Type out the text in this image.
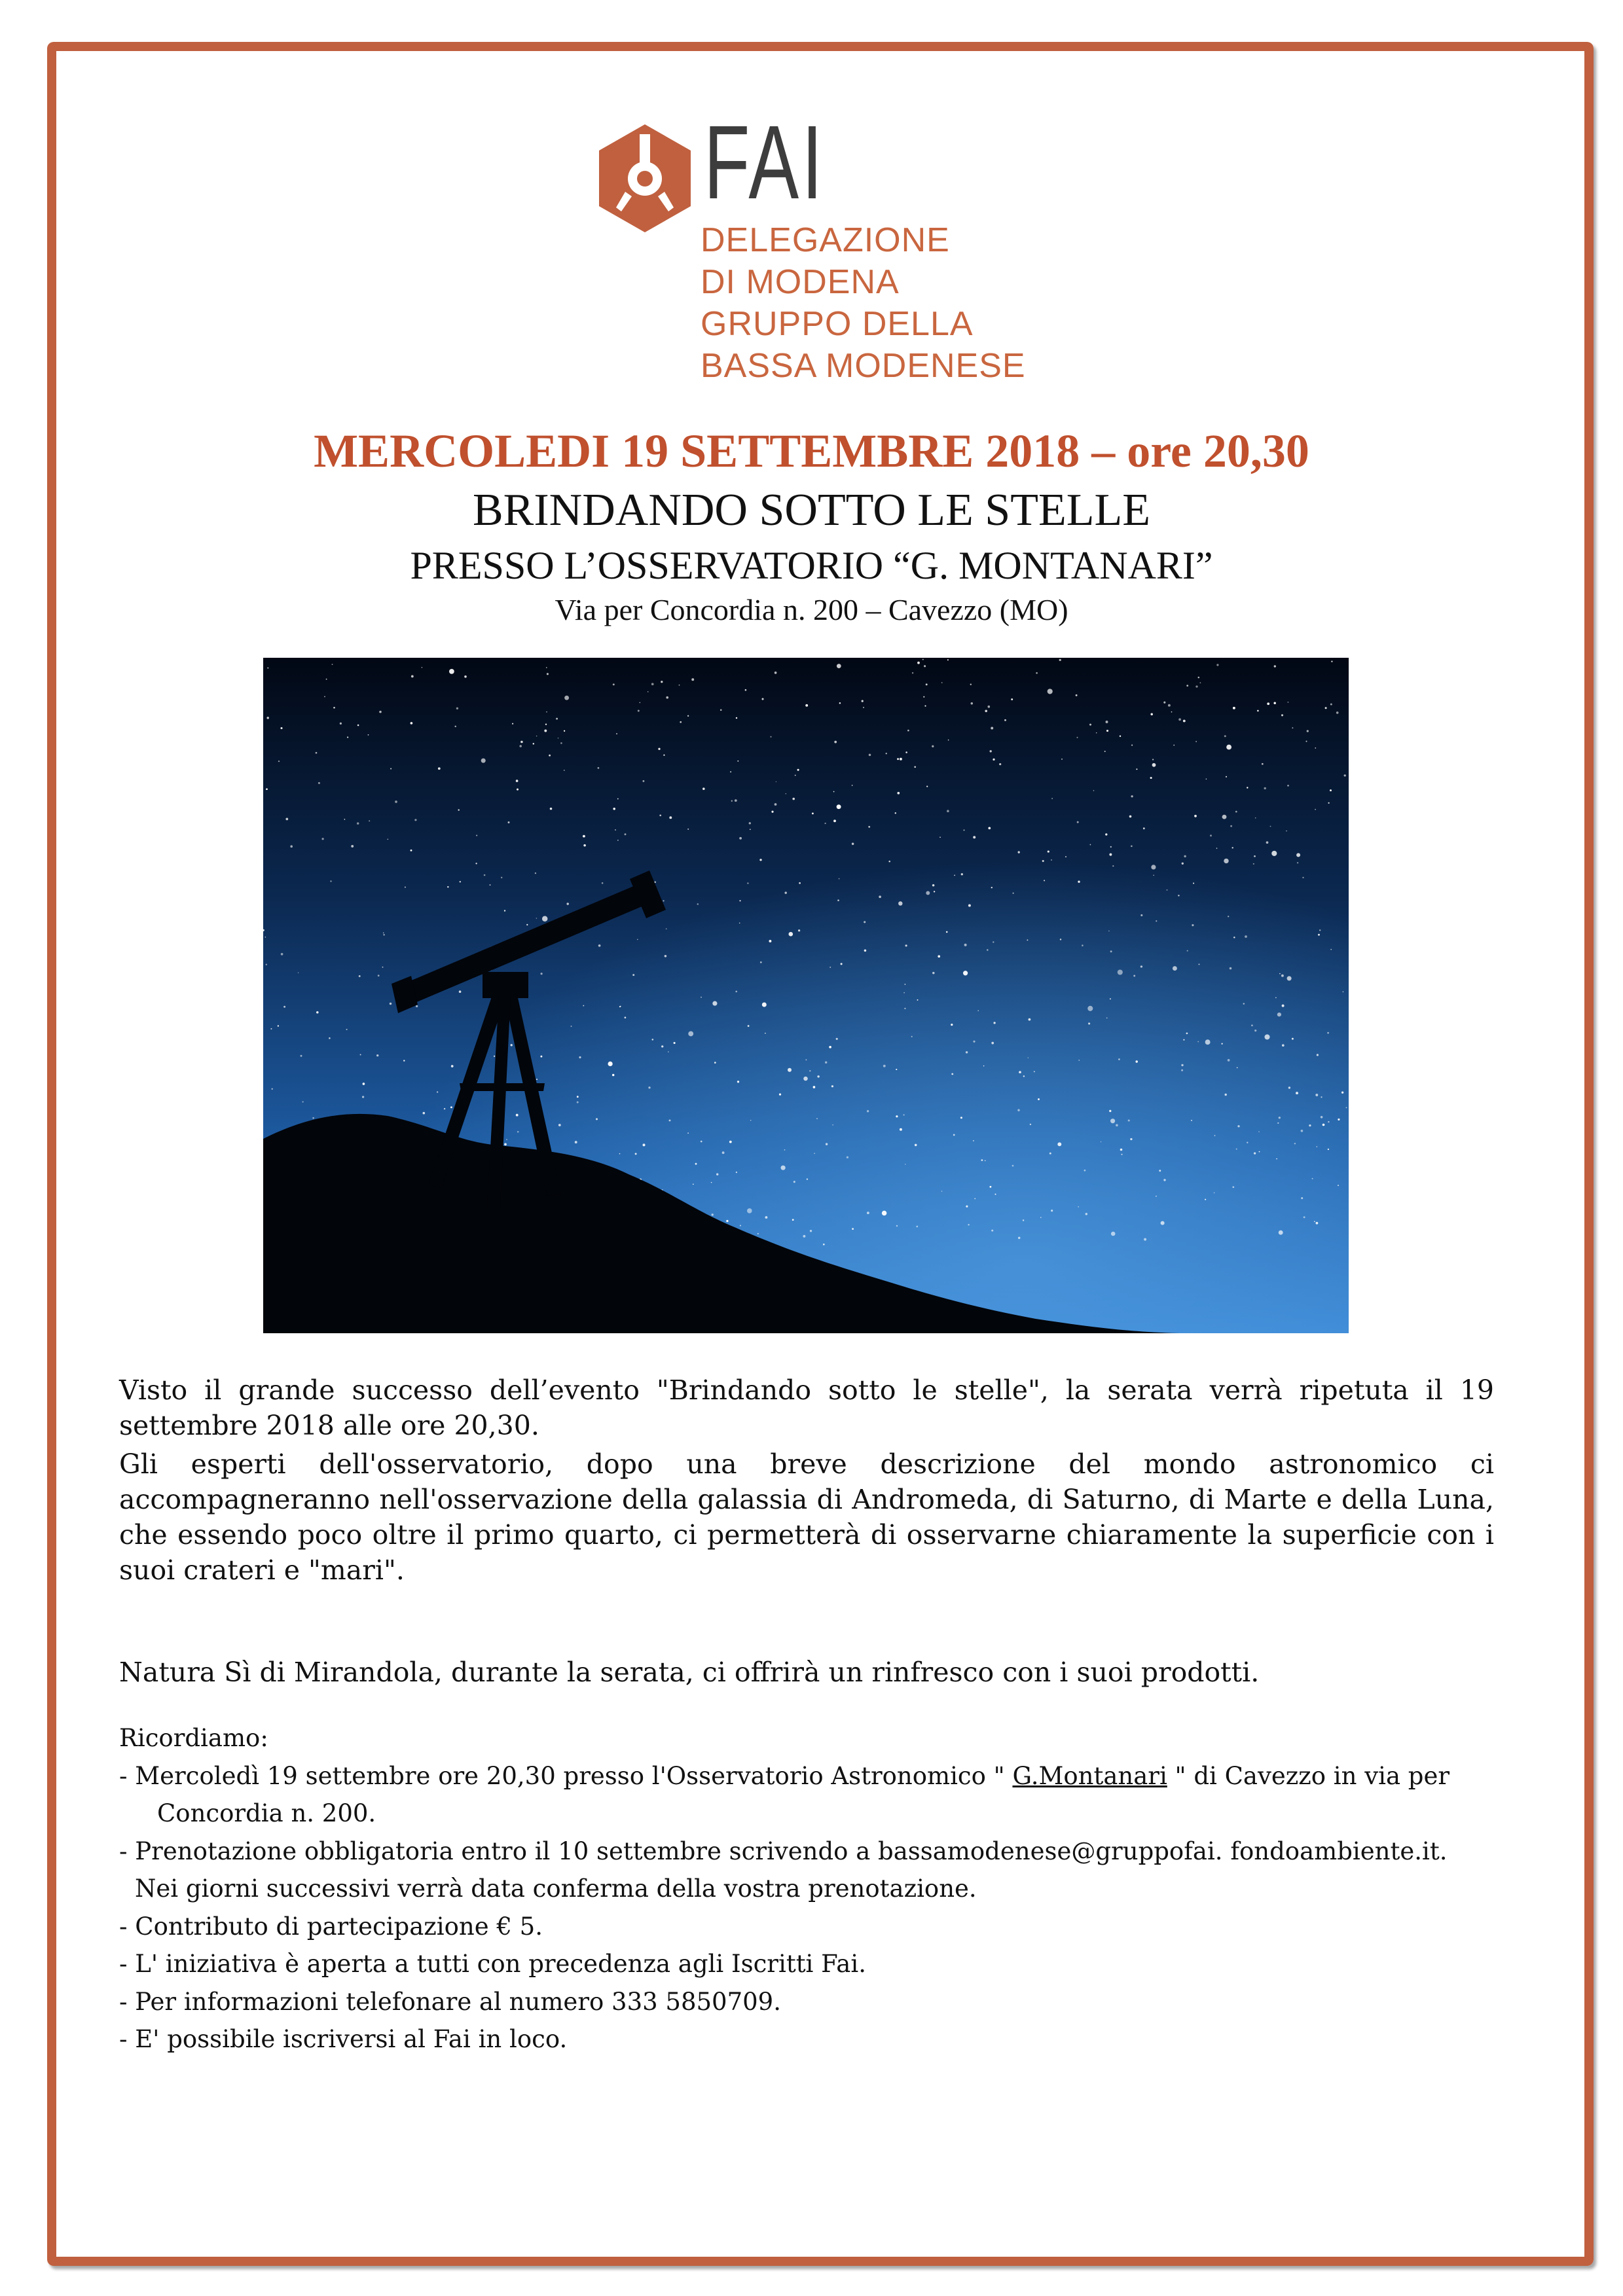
FAI
DELEGAZIONE
DI MODENA
GRUPPO DELLA
BASSA MODENESE
MERCOLEDI 19 SETTEMBRE 2018 – ore 20,30
BRINDANDO SOTTO LE STELLE
PRESSO L’OSSERVATORIO “G. MONTANARI”
Via per Concordia n. 200 – Cavezzo (MO)
Visto il grande successo dell’evento "Brindando sotto le stelle", la serata verrà ripetuta il 19 settembre 2018 alle ore 20,30.
Gli esperti dell'osservatorio, dopo una breve descrizione del mondo astronomico ci accompagneranno nell'osservazione della galassia di Andromeda, di Saturno, di Marte e della Luna, che essendo poco oltre il primo quarto, ci permetterà di osservarne chiaramente la superficie con i suoi crateri e "mari".
Natura Sì di Mirandola, durante la serata, ci offrirà un rinfresco con i suoi prodotti.
Ricordiamo:
- Mercoledì 19 settembre ore 20,30 presso l'Osservatorio Astronomico " G.Montanari " di Cavezzo in via per
Concordia n. 200.
- Prenotazione obbligatoria entro il 10 settembre scrivendo a bassamodenese@gruppofai. fondoambiente.it.
Nei giorni successivi verrà data conferma della vostra prenotazione.
- Contributo di partecipazione € 5.
- L' iniziativa è aperta a tutti con precedenza agli Iscritti Fai.
- Per informazioni telefonare al numero 333 5850709.
- E' possibile iscriversi al Fai in loco.
